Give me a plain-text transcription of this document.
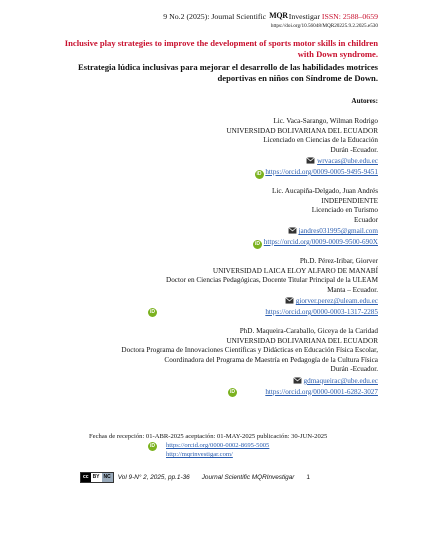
9 No.2 (2025): Journal Scientific MQRInvestigar ISSN: 2588–0659
https://doi.org/10.56048/MQR20225.9.2.2025.e530
Inclusive play strategies to improve the development of sports motor skills in children with Down syndrome.
Estrategia lúdica inclusivas para mejorar el desarrollo de las habilidades motrices deportivas en niños con Síndrome de Down.
Autores:
Lic. Vaca-Sarango, Wilman Rodrigo
UNIVERSIDAD BOLIVARIANA DEL ECUADOR
Licenciado en Ciencias de la Educación
Durán -Ecuador.
wrvacas@ube.edu.ec
iD https://orcid.org/0009-0005-9495-9451
Lic. Aucapiña-Delgado, Juan Andrés
INDEPENDIENTE
Licenciado en Turismo
Ecuador
jandres031995@gmail.com
iD https://orcid.org/0009-0009-9500-690X
Ph.D. Pérez-Iribar, Giorver
UNIVERSIDAD LAICA ELOY ALFARO DE MANABÍ
Doctor en Ciencias Pedagógicas, Docente Titular Principal de la ULEAM
Manta – Ecuador.
giorver.perez@uleam.edu.ec
iD	https://orcid.org/0000-0003-1317-2285
PhD. Maqueira-Caraballo, Giceya de la Caridad
UNIVERSIDAD BOLIVARIANA DEL ECUADOR
Doctora Programa de Innovaciones Científicas y Didácticas en Educación Física Escolar,
Coordinadora del Programa de Maestría en Pedagogía de la Cultura Física
Durán -Ecuador.
gdmaqueirac@ube.edu.ec
iD	https://orcid.org/0000-0001-6282-3027
Fechas de recepción: 01-ABR-2025 aceptación: 01-MAY-2025 publicación: 30-JUN-2025
iD	https://orcid.org/0000-0002-8695-5005
http://mqrinvestigar.com/
cc BY NC	Vol 9-N° 2, 2025, pp.1-36 Journal Scientific MQRInvestigar 1
